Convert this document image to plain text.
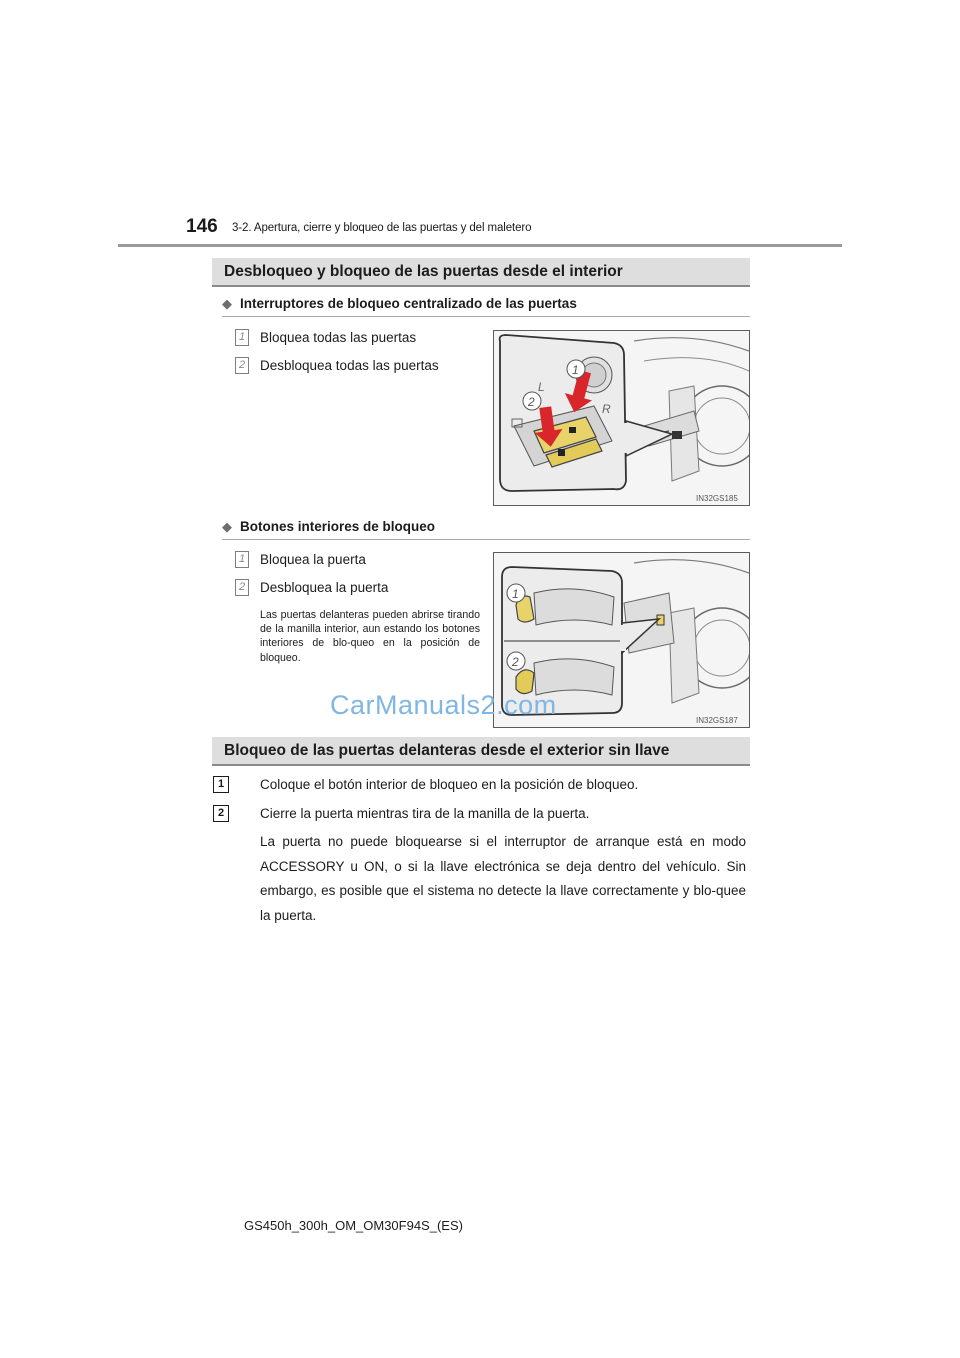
146 3-2. Apertura, cierre y bloqueo de las puertas y del maletero
Desbloqueo y bloqueo de las puertas desde el interior
◆ Interruptores de bloqueo centralizado de las puertas
1 Bloquea todas las puertas
2 Desbloquea todas las puertas
L
R
1
2
IN32GS185
◆ Botones interiores de bloqueo
1 Bloquea la puerta
2 Desbloquea la puerta
Las puertas delanteras pueden abrirse tirando de la manilla interior, aun estando los botones interiores de blo-queo en la posición de bloqueo.
1
2
IN32GS187
CarManuals2.com
Bloqueo de las puertas delanteras desde el exterior sin llave
1	Coloque el botón interior de bloqueo en la posición de bloqueo.
2	Cierre la puerta mientras tira de la manilla de la puerta.
La puerta no puede bloquearse si el interruptor de arranque está en modo ACCESSORY u ON, o si la llave electrónica se deja dentro del vehículo. Sin embargo, es posible que el sistema no detecte la llave correctamente y blo-quee la puerta.
GS450h_300h_OM_OM30F94S_(ES)
